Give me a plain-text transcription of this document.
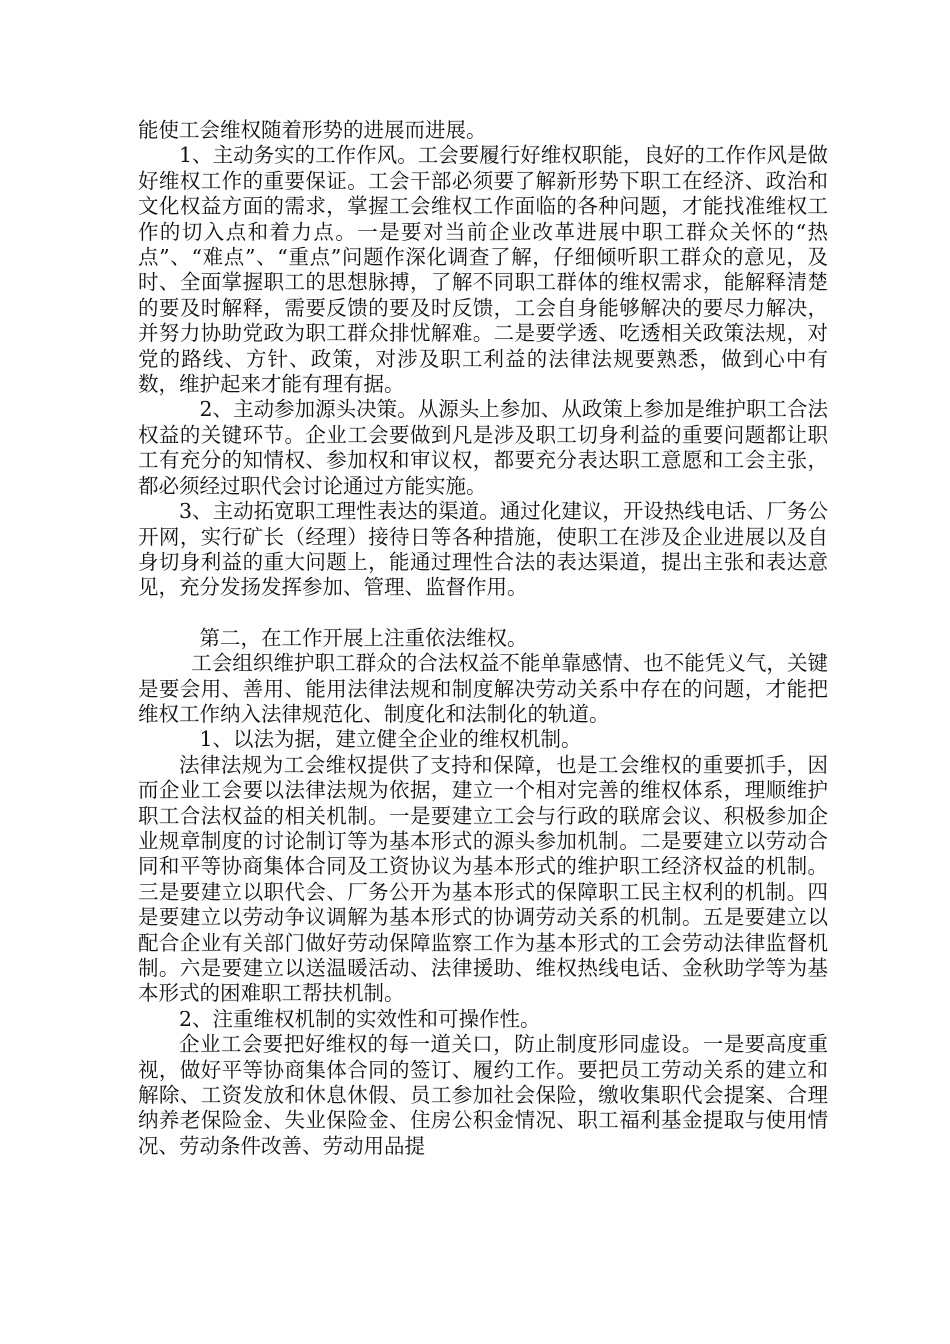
能使工会维权随着形势的进展而进展。

1、主动务实的工作作风。工会要履行好维权职能，良好的工作作风是做好维权工作的重要保证。工会干部必须要了解新形势下职工在经济、政治和文化权益方面的需求，掌握工会维权工作面临的各种问题，才能找准维权工作的切入点和着力点。一是要对当前企业改革进展中职工群众关怀的“热点”、“难点”、“重点”问题作深化调查了解，仔细倾听职工群众的意见，及时、全面掌握职工的思想脉搏，了解不同职工群体的维权需求，能解释清楚的要及时解释，需要反馈的要及时反馈，工会自身能够解决的要尽力解决，并努力协助党政为职工群众排忧解难。二是要学透、吃透相关政策法规，对党的路线、方针、政策，对涉及职工利益的法律法规要熟悉，做到心中有数，维护起来才能有理有据。

2、主动参加源头决策。从源头上参加、从政策上参加是维护职工合法权益的关键环节。企业工会要做到凡是涉及职工切身利益的重要问题都让职工有充分的知情权、参加权和审议权，都要充分表达职工意愿和工会主张，都必须经过职代会讨论通过方能实施。

3、主动拓宽职工理性表达的渠道。通过化建议，开设热线电话、厂务公开网，实行矿长（经理）接待日等各种措施，使职工在涉及企业进展以及自身切身利益的重大问题上，能通过理性合法的表达渠道，提出主张和表达意见，充分发扬发挥参加、管理、监督作用。

第二，在工作开展上注重依法维权。

工会组织维护职工群众的合法权益不能单靠感情、也不能凭义气，关键是要会用、善用、能用法律法规和制度解决劳动关系中存在的问题，才能把维权工作纳入法律规范化、制度化和法制化的轨道。

1、以法为据，建立健全企业的维权机制。

法律法规为工会维权提供了支持和保障，也是工会维权的重要抓手，因而企业工会要以法律法规为依据，建立一个相对完善的维权体系，理顺维护职工合法权益的相关机制。一是要建立工会与行政的联席会议、积极参加企业规章制度的讨论制订等为基本形式的源头参加机制。二是要建立以劳动合同和平等协商集体合同及工资协议为基本形式的维护职工经济权益的机制。三是要建立以职代会、厂务公开为基本形式的保障职工民主权利的机制。四是要建立以劳动争议调解为基本形式的协调劳动关系的机制。五是要建立以配合企业有关部门做好劳动保障监察工作为基本形式的工会劳动法律监督机制。六是要建立以送温暖活动、法律援助、维权热线电话、金秋助学等为基本形式的困难职工帮扶机制。

2、注重维权机制的实效性和可操作性。

企业工会要把好维权的每一道关口，防止制度形同虚设。一是要高度重视，做好平等协商集体合同的签订、履约工作。要把员工劳动关系的建立和解除、工资发放和休息休假、员工参加社会保险，缴收集职代会提案、合理纳养老保险金、失业保险金、住房公积金情况、职工福利基金提取与使用情况、劳动条件改善、劳动用品提
